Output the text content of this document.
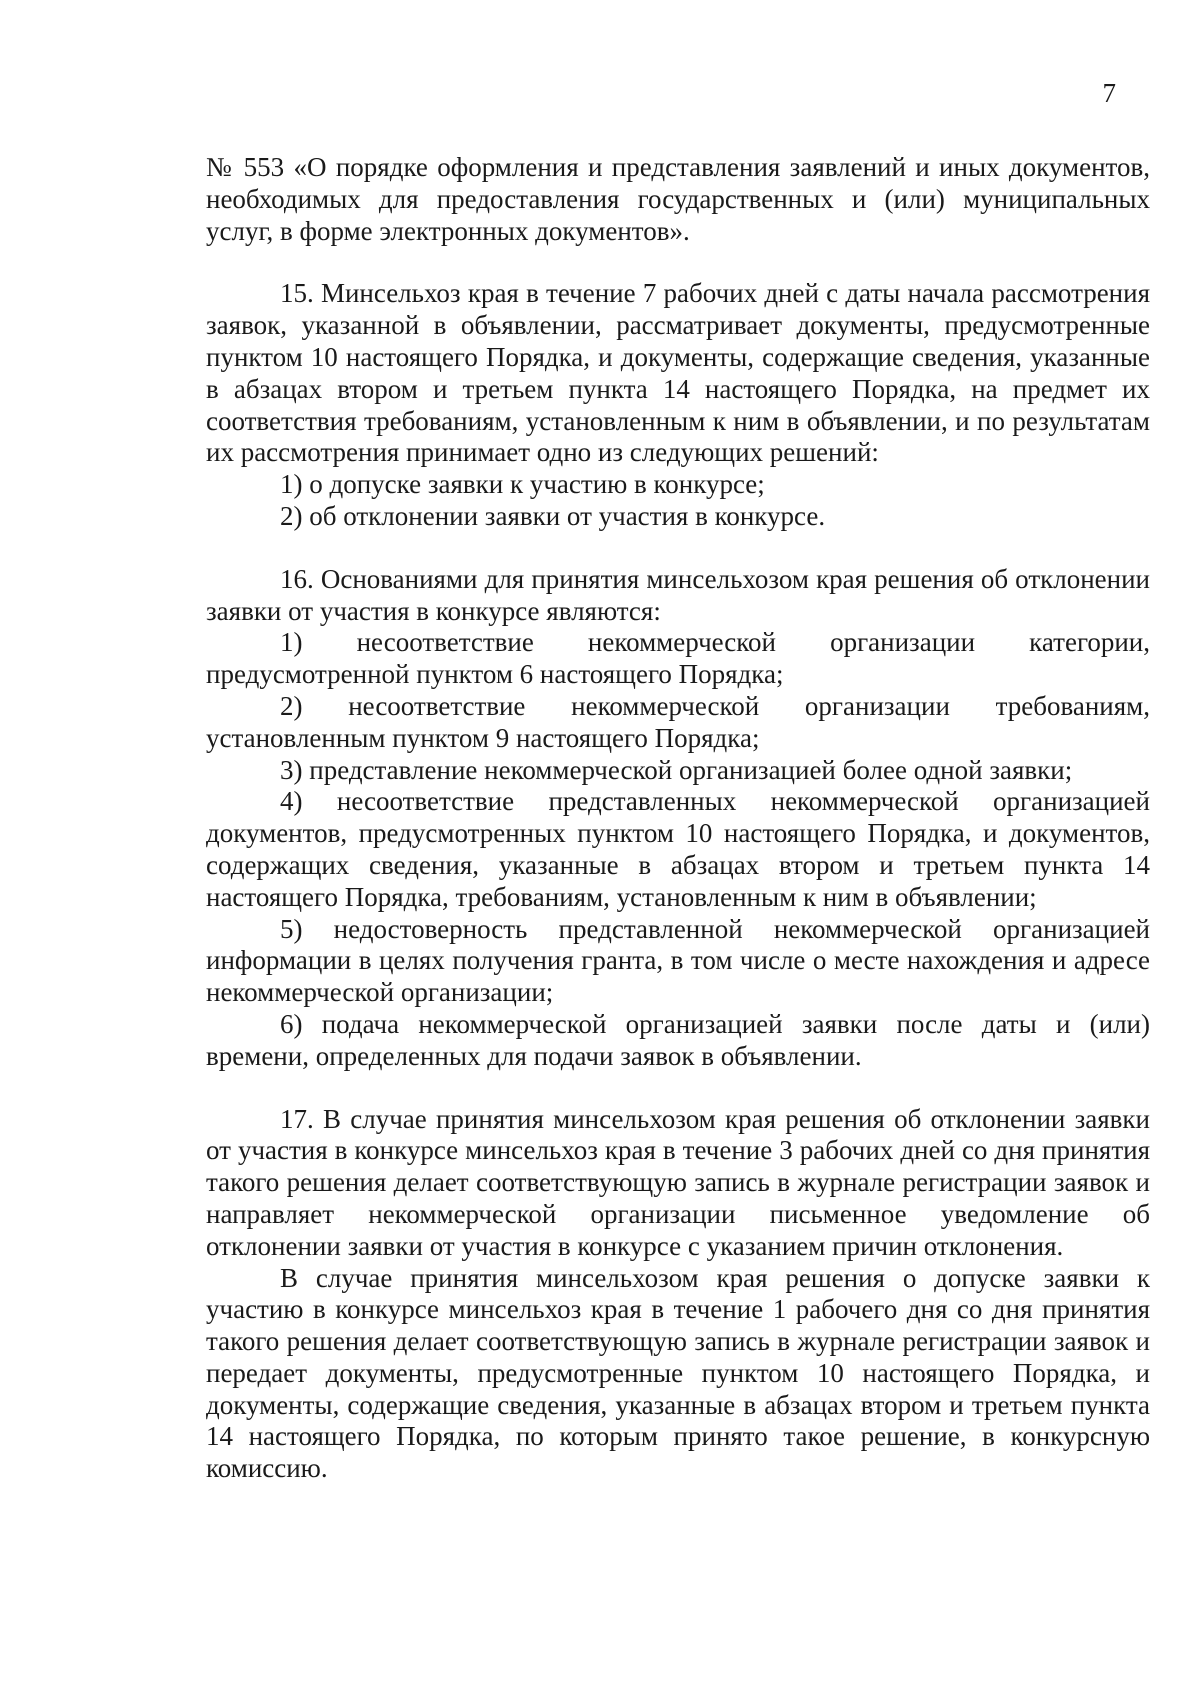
7

№ 553 «О порядке оформления и представления заявлений и иных документов, необходимых для предоставления государственных и (или) муниципальных услуг, в форме электронных документов».

15. Минсельхоз края в течение 7 рабочих дней с даты начала рассмотрения заявок, указанной в объявлении, рассматривает документы, предусмотренные пунктом 10 настоящего Порядка, и документы, содержащие сведения, указанные в абзацах втором и третьем пункта 14 настоящего Порядка, на предмет их соответствия требованиям, установленным к ним в объявлении, и по результатам их рассмотрения принимает одно из следующих решений:

1) о допуске заявки к участию в конкурсе;

2) об отклонении заявки от участия в конкурсе.

16. Основаниями для принятия минсельхозом края решения об отклонении заявки от участия в конкурсе являются:

1) несоответствие некоммерческой организации категории, предусмотренной пунктом 6 настоящего Порядка;

2) несоответствие некоммерческой организации требованиям, установленным пунктом 9 настоящего Порядка;

3) представление некоммерческой организацией более одной заявки;

4) несоответствие представленных некоммерческой организацией документов, предусмотренных пунктом 10 настоящего Порядка, и документов, содержащих сведения, указанные в абзацах втором и третьем пункта 14 настоящего Порядка, требованиям, установленным к ним в объявлении;

5) недостоверность представленной некоммерческой организацией информации в целях получения гранта, в том числе о месте нахождения и адресе некоммерческой организации;

6) подача некоммерческой организацией заявки после даты и (или) времени, определенных для подачи заявок в объявлении.

17. В случае принятия минсельхозом края решения об отклонении заявки от участия в конкурсе минсельхоз края в течение 3 рабочих дней со дня принятия такого решения делает соответствующую запись в журнале регистрации заявок и направляет некоммерческой организации письменное уведомление об отклонении заявки от участия в конкурсе с указанием причин отклонения.

В случае принятия минсельхозом края решения о допуске заявки к участию в конкурсе минсельхоз края в течение 1 рабочего дня со дня принятия такого решения делает соответствующую запись в журнале регистрации заявок и передает документы, предусмотренные пунктом 10 настоящего Порядка, и документы, содержащие сведения, указанные в абзацах втором и третьем пункта 14 настоящего Порядка, по которым принято такое решение, в конкурсную комиссию.
